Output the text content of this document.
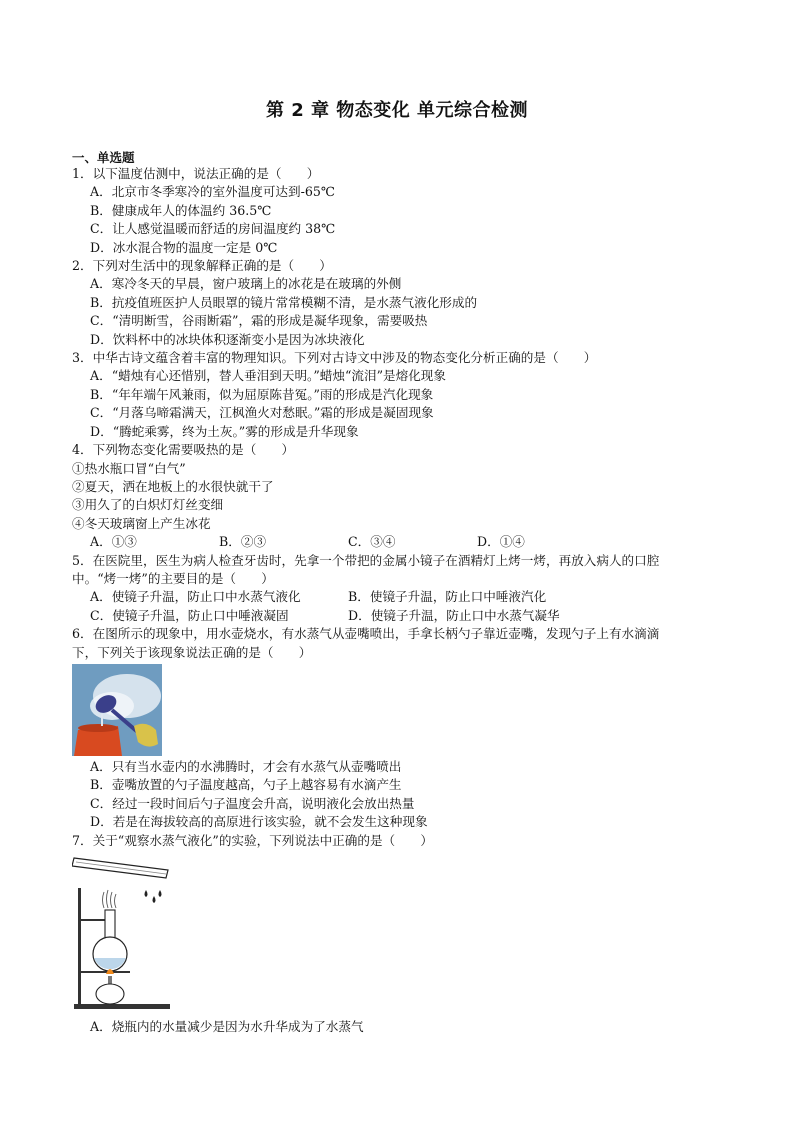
第 2 章 物态变化 单元综合检测
一、单选题

1．以下温度估测中，说法正确的是（　　）

A．北京市冬季寒冷的室外温度可达到-65℃

B．健康成年人的体温约 36.5℃

C．让人感觉温暖而舒适的房间温度约 38℃

D．冰水混合物的温度一定是 0℃

2．下列对生活中的现象解释正确的是（　　）

A．寒冷冬天的早晨，窗户玻璃上的冰花是在玻璃的外侧

B．抗疫值班医护人员眼罩的镜片常常模糊不清，是水蒸气液化形成的

C．“清明断雪，谷雨断霜”，霜的形成是凝华现象，需要吸热

D．饮料杯中的冰块体积逐渐变小是因为冰块液化

3．中华古诗文蕴含着丰富的物理知识。下列对古诗文中涉及的物态变化分析正确的是（　　）

A．“蜡烛有心还惜别，替人垂泪到天明。”蜡烛“流泪”是熔化现象

B．“年年端午风兼雨，似为屈原陈昔冤。”雨的形成是汽化现象

C．“月落乌啼霜满天，江枫渔火对愁眠。”霜的形成是凝固现象

D．“腾蛇乘雾，终为土灰。”雾的形成是升华现象

4．下列物态变化需要吸热的是（　　）

①热水瓶口冒“白气”

②夏天，洒在地板上的水很快就干了

③用久了的白炽灯灯丝变细

④冬天玻璃窗上产生冰花

A．①③	B．②③	C．③④	D．①④

5．在医院里，医生为病人检查牙齿时，先拿一个带把的金属小镜子在酒精灯上烤一烤，再放入病人的口腔

中。“烤一烤”的主要目的是（　　）

A．使镜子升温，防止口中水蒸气液化	B．使镜子升温，防止口中唾液汽化
C．使镜子升温，防止口中唾液凝固	D．使镜子升温，防止口中水蒸气凝华

6．在图所示的现象中，用水壶烧水，有水蒸气从壶嘴喷出，手拿长柄勺子靠近壶嘴，发现勺子上有水滴滴

下，下列关于该现象说法正确的是（　　）

A．只有当水壶内的水沸腾时，才会有水蒸气从壶嘴喷出

B．壶嘴放置的勺子温度越高，勺子上越容易有水滴产生

C．经过一段时间后勺子温度会升高，说明液化会放出热量

D．若是在海拔较高的高原进行该实验，就不会发生这种现象

7．关于“观察水蒸气液化”的实验，下列说法中正确的是（　　）

A．烧瓶内的水量减少是因为水升华成为了水蒸气
